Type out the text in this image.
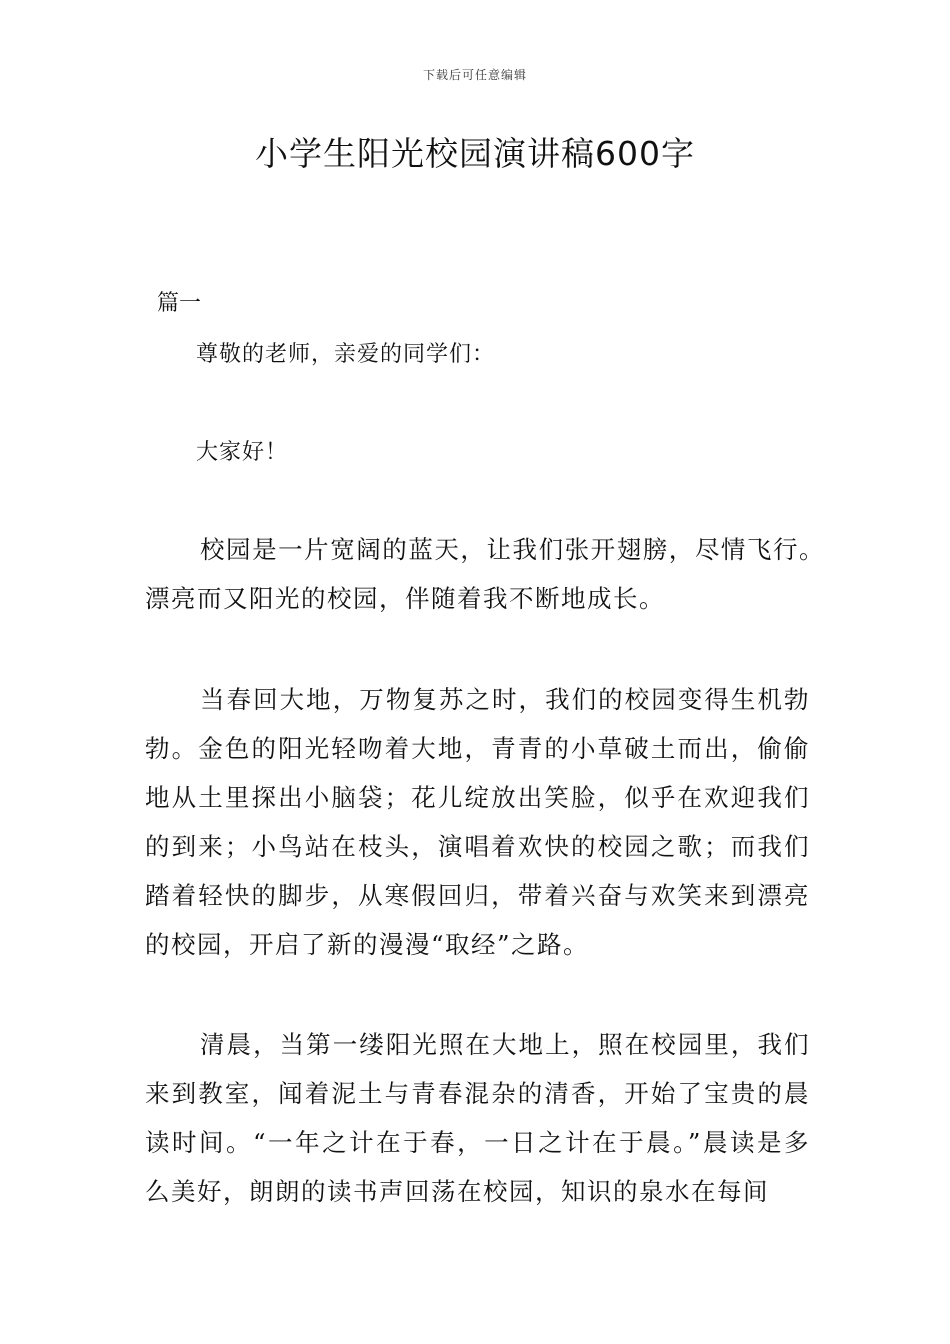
下载后可任意编辑
小学生阳光校园演讲稿600字
篇一
尊敬的老师，亲爱的同学们：
大家好！

校园是一片宽阔的蓝天，让我们张开翅膀，尽情飞行。漂亮而又阳光的校园，伴随着我不断地成长。

当春回大地，万物复苏之时，我们的校园变得生机勃勃。金色的阳光轻吻着大地，青青的小草破土而出，偷偷地从土里探出小脑袋；花儿绽放出笑脸，似乎在欢迎我们的到来；小鸟站在枝头，演唱着欢快的校园之歌；而我们踏着轻快的脚步，从寒假回归，带着兴奋与欢笑来到漂亮的校园，开启了新的漫漫“取经”之路。

清晨，当第一缕阳光照在大地上，照在校园里，我们来到教室，闻着泥土与青春混杂的清香，开始了宝贵的晨读时间。“一年之计在于春，一日之计在于晨。”晨读是多么美好，朗朗的读书声回荡在校园，知识的泉水在每间
